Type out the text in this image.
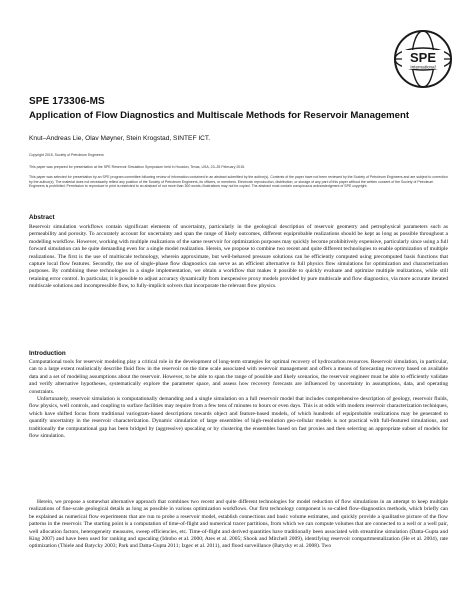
SPE
International
SPE 173306-MS
Application of Flow Diagnostics and Multiscale Methods for Reservoir Management
Knut–Andreas Lie, Olav Møyner, Stein Krogstad, SINTEF ICT.
Copyright 2015, Society of Petroleum Engineers
This paper was prepared for presentation at the SPE Reservoir Simulation Symposium held in Houston, Texas, USA, 23–25 February 2015.
This paper was selected for presentation by an SPE program committee following review of information contained in an abstract submitted by the author(s). Contents of the paper have not been reviewed by the Society of Petroleum Engineers and are subject to correction by the author(s). The material does not necessarily reflect any position of the Society of Petroleum Engineers, its officers, or members. Electronic reproduction, distribution, or storage of any part of this paper without the written consent of the Society of Petroleum Engineers is prohibited. Permission to reproduce in print is restricted to an abstract of not more than 300 words; illustrations may not be copied. The abstract must contain conspicuous acknowledgment of SPE copyright.
Abstract

Reservoir simulation workflows contain significant elements of uncertainty, particularly in the geological description of reservoir geometry and petrophysical parameters such as permeability and porosity. To accurately account for uncertainty and span the range of likely outcomes, different equiprobable realizations should be kept as long as possible throughout a modelling workflow. However, working with multiple realizations of the same reservoir for optimization purposes may quickly become prohibitively expensive, particularly since using a full forward simulation can be quite demanding even for a single model realization. Herein, we propose to combine two recent and quite different technologies to enable optimization of multiple realizations. The first is the use of multiscale technology, wherein approximate, but well-behaved pressure solutions can be efficiently computed using precomputed basis functions that capture local flow features. Secondly, the use of single-phase flow diagnostics can serve as an efficient alternative to full physics flow simulations for optimization and characterization purposes. By combining these technologies in a single implementation, we obtain a workflow that makes it possible to quickly evaluate and optimize multiple realizations, while still retaining error control. In particular, it is possible to adjust accuracy dynamically from inexpensive proxy models provided by pure multiscale and flow diagnostics, via more accurate iterated multiscale solutions and incompressible flow, to fully-implicit solvers that incorporate the relevant flow physics.

Introduction

Computational tools for reservoir modeling play a critical role in the development of long-term strategies for optimal recovery of hydrocarbon resources. Reservoir simulation, in particular, can to a large extent realistically describe fluid flow in the reservoir on the time scale associated with reservoir management and offers a means of forecasting recovery based on available data and a set of modeling assumptions about the reservoir. However, to be able to span the range of possible and likely scenarios, the reservoir engineer must be able to efficiently validate and verify alternative hypotheses, systematically explore the parameter space, and assess how recovery forecasts are influenced by uncertainty in assumptions, data, and operating constraints.

Unfortunately, reservoir simulation is computationally demanding and a single simulation on a full reservoir model that includes comprehensive description of geology, reservoir fluids, flow physics, well controls, and coupling to surface facilities may require from a few tens of minutes to hours or even days. This is at odds with modern reservoir characterization techniques, which have shifted focus from traditional variogram-based descriptions towards object and feature-based models, of which hundreds of equiprobable realizations may be generated to quantify uncertainty in the reservoir characterization. Dynamic simulation of large ensembles of high-resolution geo-cellular models is not practical with full-featured simulations, and traditionally the computational gap has been bridged by (aggressive) upscaling or by clustering the ensembles based on fast proxies and then selecting an appropriate subset of models for flow simulation.

Herein, we propose a somewhat alternative approach that combines two recent and quite different technologies for model reduction of flow simulations in an attempt to keep multiple realizations of fine-scale geological details as long as possible in various optimization workflows. Our first technology component is so-called flow-diagnostics methods, which briefly can be explained as numerical flow experiments that are run to probe a reservoir model, establish connections and basic volume estimates, and quickly provide a qualitative picture of the flow patterns in the reservoir. The starting point is a computation of time-of-flight and numerical tracer partitions, from which we can compute volumes that are connected to a well or a well pair, well allocation factors, heterogeneity measures, sweep efficiencies, etc. Time-of-flight and derived quantities have traditionally been associated with streamline simulation (Datta-Gupta and King 2007) and have been used for ranking and upscaling (Idrobo et al. 2000; Ates et al. 2005; Shook and Mitchell 2009), identifying reservoir compartmentalization (He et al. 2004), rate optimization (Thiele and Batycky 2003; Park and Datta-Gupta 2011; Izgec et al. 2011), and flood surveillance (Batycky et al. 2008). Two
